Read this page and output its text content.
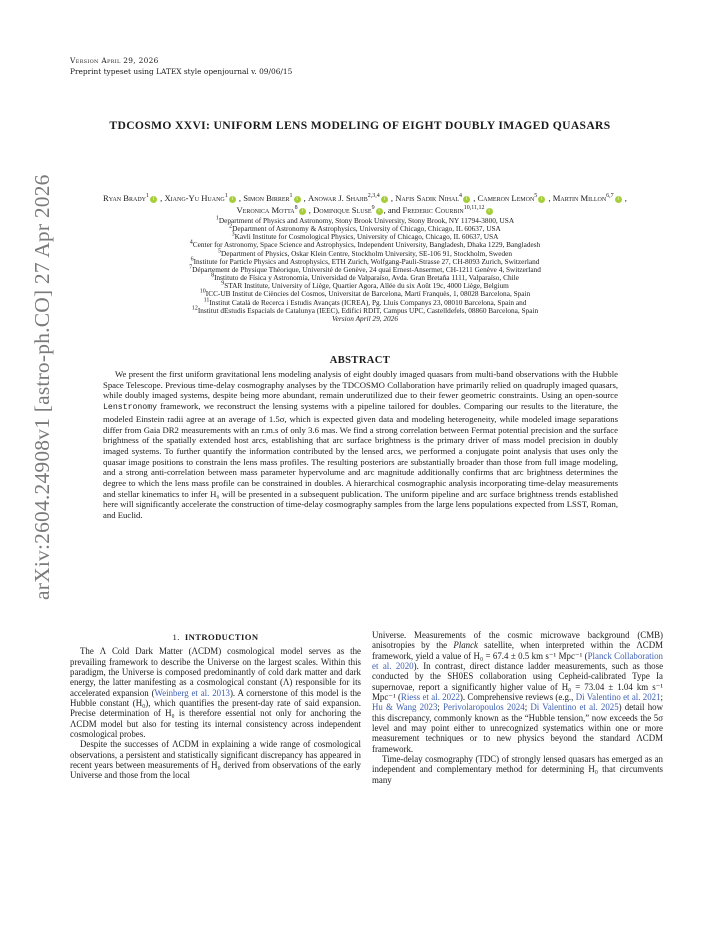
arXiv:2604.24908v1 [astro-ph.CO] 27 Apr 2026
Version April 29, 2026
Preprint typeset using LATEX style openjournal v. 09/06/15
TDCOSMO XXVI: UNIFORM LENS MODELING OF EIGHT DOUBLY IMAGED QUASARS
Ryan Brady$^1$ i , Xiang-Yu Huang$^1$ i , Simon Birrer$^1$ i , Anowar J. Shajib$^{2,3,4}$ i , Nafis Sadik Nihal$^4$ i , Cameron Lemon$^5$ i , Martin Millon$^{6,7}$ i , Veronica Motta$^8$ i , Dominique Sluse$^9$ i , and Frederic Courbin$^{10,11,12}$ i
$^1$Department of Physics and Astronomy, Stony Brook University, Stony Brook, NY 11794-3800, USA
$^2$Department of Astronomy & Astrophysics, University of Chicago, Chicago, IL 60637, USA
$^3$Kavli Institute for Cosmological Physics, University of Chicago, Chicago, IL 60637, USA
$^4$Center for Astronomy, Space Science and Astrophysics, Independent University, Bangladesh, Dhaka 1229, Bangladesh
$^5$Department of Physics, Oskar Klein Centre, Stockholm University, SE-106 91, Stockholm, Sweden
$^6$Institute for Particle Physics and Astrophysics, ETH Zurich, Wolfgang-Pauli-Strasse 27, CH-8093 Zurich, Switzerland
$^7$Département de Physique Théorique, Université de Genève, 24 quai Ernest-Ansermet, CH-1211 Genève 4, Switzerland
$^8$Instituto de Física y Astronomía, Universidad de Valparaíso, Avda. Gran Bretaña 1111, Valparaíso, Chile
$^9$STAR Institute, University of Liège, Quartier Agora, Allée du six Août 19c, 4000 Liège, Belgium
$^{10}$ICC-UB Institut de Ciències del Cosmos, Universitat de Barcelona, Martí Franquès, 1, 08028 Barcelona, Spain
$^{11}$Institut Català de Recerca i Estudis Avançats (ICREA), Pg. Lluís Companys 23, 08010 Barcelona, Spain and
$^{12}$Institut dEstudis Espacials de Catalunya (IEEC), Edifici RDIT, Campus UPC, Castelldefels, 08860 Barcelona, Spain
Version April 29, 2026
ABSTRACT
We present the first uniform gravitational lens modeling analysis of eight doubly imaged quasars from multi-band observations with the Hubble Space Telescope. Previous time-delay cosmography analyses by the TDCOSMO Collaboration have primarily relied on quadruply imaged quasars, while doubly imaged systems, despite being more abundant, remain underutilized due to their fewer geometric constraints. Using an open-source Lenstronomy framework, we reconstruct the lensing systems with a pipeline tailored for doubles. Comparing our results to the literature, the modeled Einstein radii agree at an average of 1.5σ, which is expected given data and modeling heterogeneity, while modeled image separations differ from Gaia DR2 measurements with an r.m.s of only 3.6 mas. We find a strong correlation between Fermat potential precision and the surface brightness of the spatially extended host arcs, establishing that arc surface brightness is the primary driver of mass model precision in doubly imaged systems. To further quantify the information contributed by the lensed arcs, we performed a conjugate point analysis that uses only the quasar image positions to constrain the lens mass profiles. The resulting posteriors are substantially broader than those from full image modeling, and a strong anti-correlation between mass parameter hypervolume and arc magnitude additionally confirms that arc brightness determines the degree to which the lens mass profile can be constrained in doubles. A hierarchical cosmographic analysis incorporating time-delay measurements and stellar kinematics to infer H₀ will be presented in a subsequent publication. The uniform pipeline and arc surface brightness trends established here will significantly accelerate the construction of time-delay cosmography samples from the large lens populations expected from LSST, Roman, and Euclid.
1. INTRODUCTION

The Λ Cold Dark Matter (ΛCDM) cosmological model serves as the prevailing framework to describe the Universe on the largest scales. Within this paradigm, the Universe is composed predominantly of cold dark matter and dark energy, the latter manifesting as a cosmological constant (Λ) responsible for its accelerated expansion (Weinberg et al. 2013). A cornerstone of this model is the Hubble constant (H₀), which quantifies the present-day rate of said expansion. Precise determination of H₀ is therefore essential not only for anchoring the ΛCDM model but also for testing its internal consistency across independent cosmological probes.

Despite the successes of ΛCDM in explaining a wide range of cosmological observations, a persistent and statistically significant discrepancy has appeared in recent years between measurements of H₀ derived from observations of the early Universe and those from the local

Universe. Measurements of the cosmic microwave background (CMB) anisotropies by the Planck satellite, when interpreted within the ΛCDM framework, yield a value of H₀ = 67.4 ± 0.5 km s⁻¹ Mpc⁻¹ (Planck Collaboration et al. 2020). In contrast, direct distance ladder measurements, such as those conducted by the SH0ES collaboration using Cepheid-calibrated Type Ia supernovae, report a significantly higher value of H₀ = 73.04 ± 1.04 km s⁻¹ Mpc⁻¹ (Riess et al. 2022). Comprehensive reviews (e.g., Di Valentino et al. 2021; Hu & Wang 2023; Perivolaropoulos 2024; Di Valentino et al. 2025) detail how this discrepancy, commonly known as the “Hubble tension,” now exceeds the 5σ level and may point either to unrecognized systematics within one or more measurement techniques or to new physics beyond the standard ΛCDM framework.

Time-delay cosmography (TDC) of strongly lensed quasars has emerged as an independent and complementary method for determining H₀ that circumvents many
